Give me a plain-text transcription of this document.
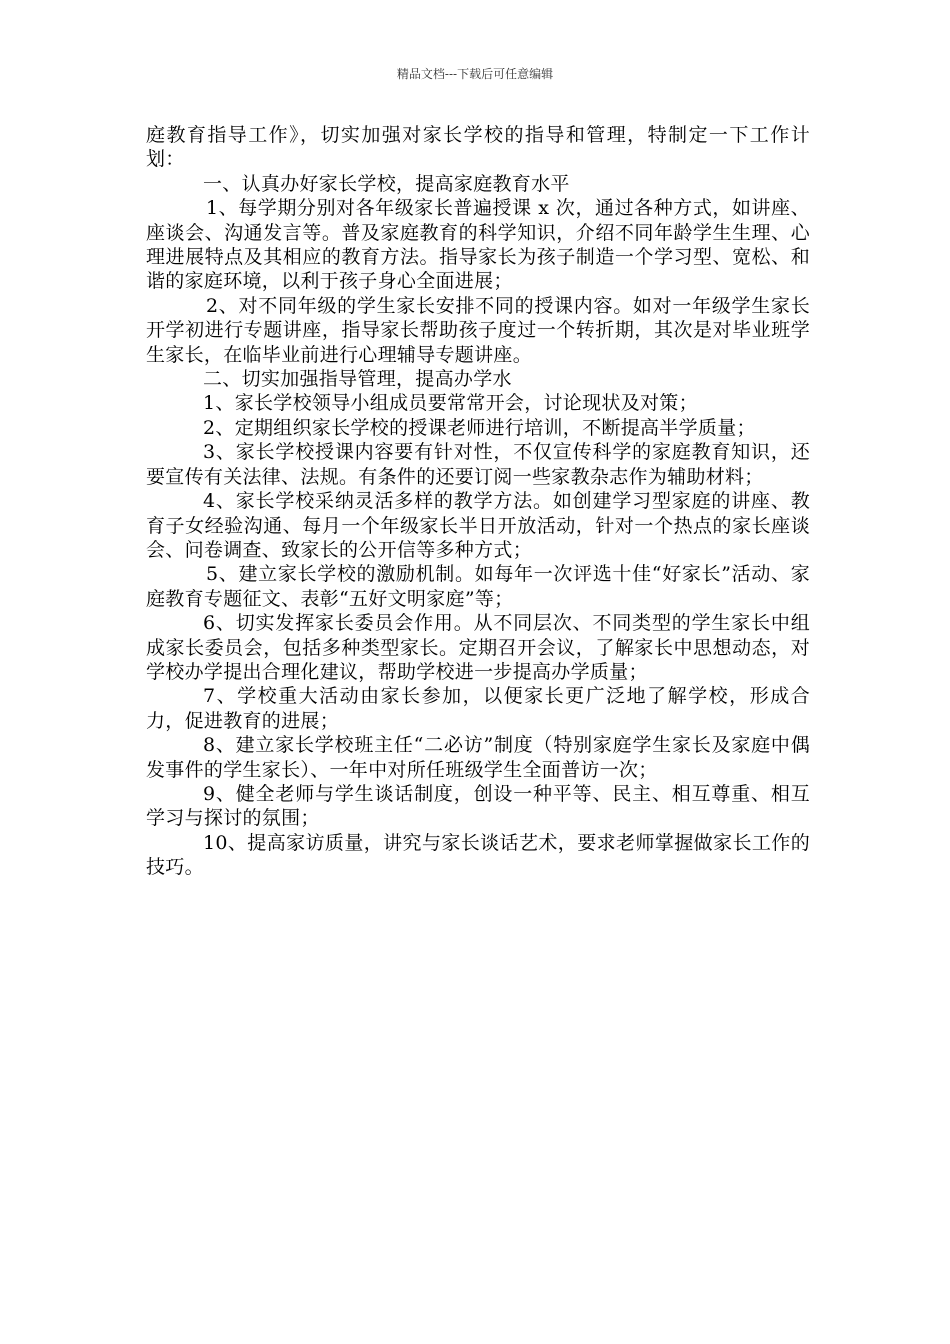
精品文档---下载后可任意编辑

庭教育指导工作》，切实加强对家长学校的指导和管理，特制定一下工作计划：

一、认真办好家长学校，提高家庭教育水平

1、每学期分别对各年级家长普遍授课 x 次，通过各种方式，如讲座、座谈会、沟通发言等。普及家庭教育的科学知识，介绍不同年龄学生生理、心理进展特点及其相应的教育方法。指导家长为孩子制造一个学习型、宽松、和谐的家庭环境，以利于孩子身心全面进展；

2、对不同年级的学生家长安排不同的授课内容。如对一年级学生家长开学初进行专题讲座，指导家长帮助孩子度过一个转折期，其次是对毕业班学生家长，在临毕业前进行心理辅导专题讲座。

二、切实加强指导管理，提高办学水

1、家长学校领导小组成员要常常开会，讨论现状及对策；

2、定期组织家长学校的授课老师进行培训，不断提高半学质量；

3、家长学校授课内容要有针对性，不仅宣传科学的家庭教育知识，还要宣传有关法律、法规。有条件的还要订阅一些家教杂志作为辅助材料；

4、家长学校采纳灵活多样的教学方法。如创建学习型家庭的讲座、教育子女经验沟通、每月一个年级家长半日开放活动，针对一个热点的家长座谈会、问卷调查、致家长的公开信等多种方式；

5、建立家长学校的激励机制。如每年一次评选十佳“好家长”活动、家庭教育专题征文、表彰“五好文明家庭”等；

6、切实发挥家长委员会作用。从不同层次、不同类型的学生家长中组成家长委员会，包括多种类型家长。定期召开会议，了解家长中思想动态，对学校办学提出合理化建议，帮助学校进一步提高办学质量；

7、学校重大活动由家长参加，以便家长更广泛地了解学校，形成合力，促进教育的进展；

8、建立家长学校班主任“二必访”制度（特别家庭学生家长及家庭中偶发事件的学生家长）、一年中对所任班级学生全面普访一次；

9、健全老师与学生谈话制度，创设一种平等、民主、相互尊重、相互学习与探讨的氛围；

10、提高家访质量，讲究与家长谈话艺术，要求老师掌握做家长工作的技巧。
